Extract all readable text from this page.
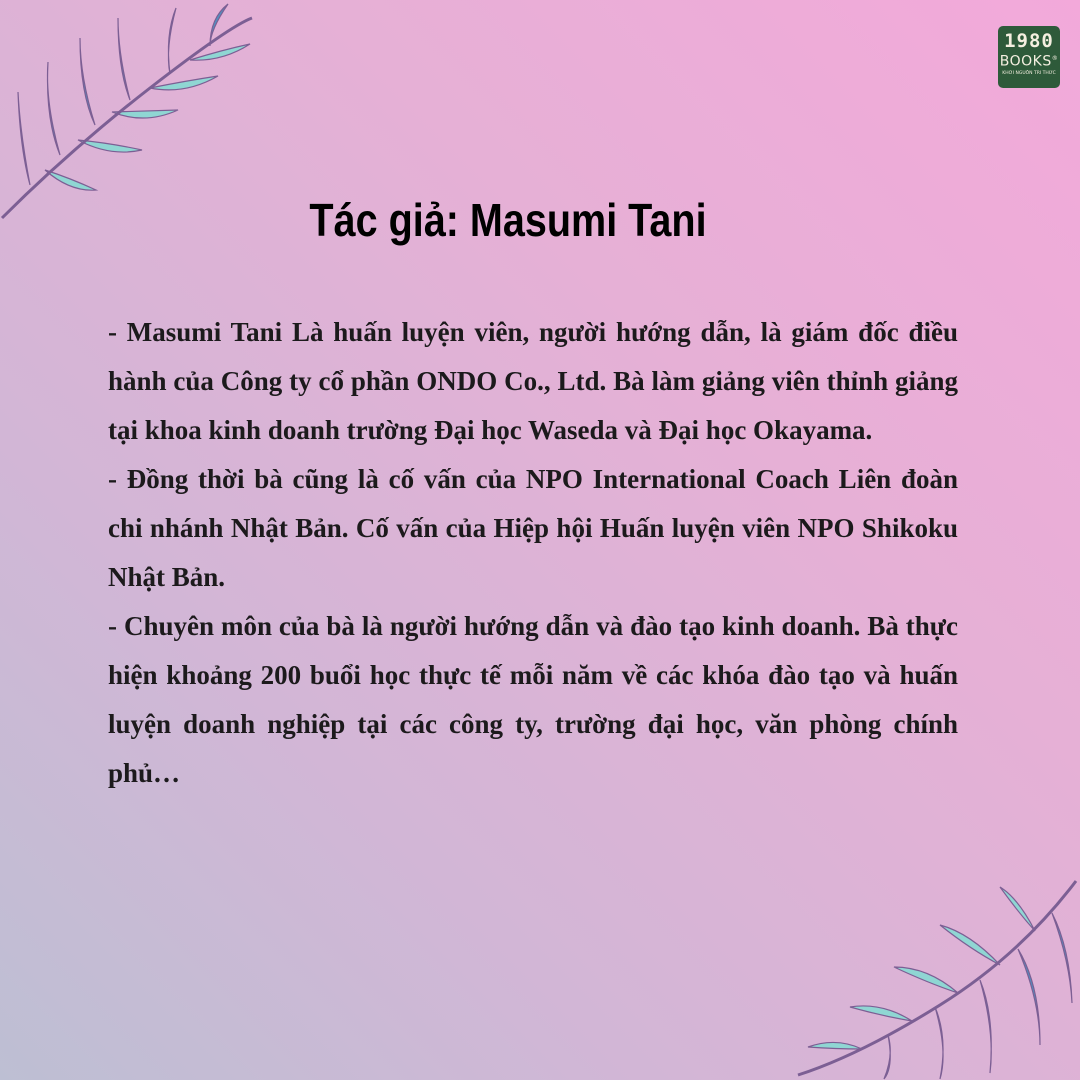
1980
BOOKS®
KHƠI NGUỒN TRI THỨC
Tác giả: Masumi Tani

- Masumi Tani Là huấn luyện viên, người hướng dẫn, là giám đốc điều hành của Công ty cổ phần ONDO Co., Ltd. Bà làm giảng viên thỉnh giảng tại khoa kinh doanh trường Đại học Waseda và Đại học Okayama.

- Đồng thời bà cũng là cố vấn của NPO International Coach Liên đoàn chi nhánh Nhật Bản. Cố vấn của Hiệp hội Huấn luyện viên NPO Shikoku Nhật Bản.

- Chuyên môn của bà là người hướng dẫn và đào tạo kinh doanh. Bà thực hiện khoảng 200 buổi học thực tế mỗi năm về các khóa đào tạo và huấn luyện doanh nghiệp tại các công ty, trường đại học, văn phòng chính phủ…
